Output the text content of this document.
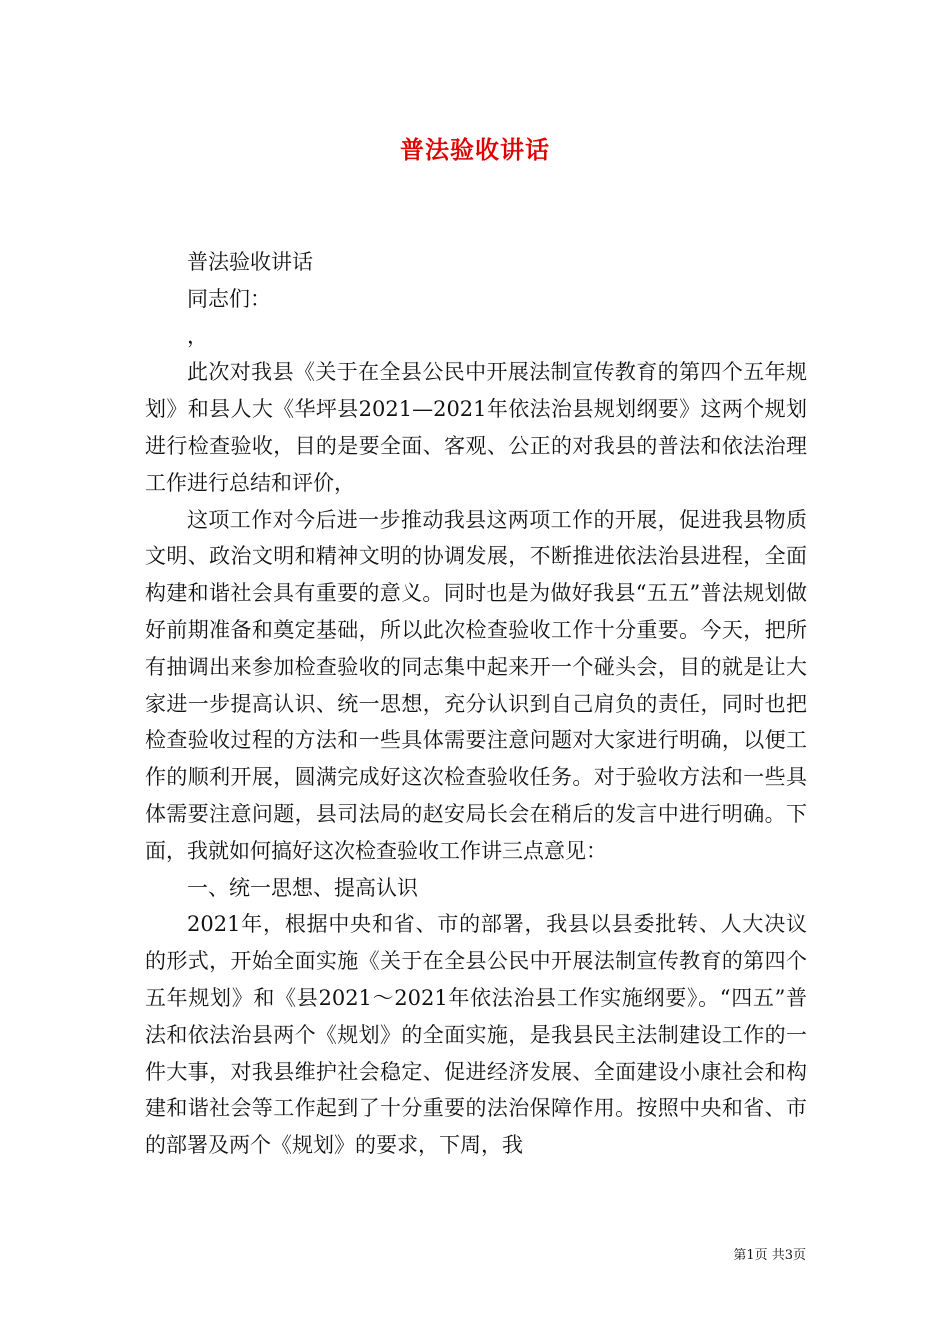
普法验收讲话

普法验收讲话

同志们：

，

此次对我县《关于在全县公民中开展法制宣传教育的第四个五年规划》和县人大《华坪县2021—2021年依法治县规划纲要》这两个规划进行检查验收，目的是要全面、客观、公正的对我县的普法和依法治理工作进行总结和评价，

这项工作对今后进一步推动我县这两项工作的开展，促进我县物质文明、政治文明和精神文明的协调发展，不断推进依法治县进程，全面构建和谐社会具有重要的意义。同时也是为做好我县“五五”普法规划做好前期准备和奠定基础，所以此次检查验收工作十分重要。今天，把所有抽调出来参加检查验收的同志集中起来开一个碰头会，目的就是让大家进一步提高认识、统一思想，充分认识到自己肩负的责任，同时也把检查验收过程的方法和一些具体需要注意问题对大家进行明确，以便工作的顺利开展，圆满完成好这次检查验收任务。对于验收方法和一些具体需要注意问题，县司法局的赵安局长会在稍后的发言中进行明确。下面，我就如何搞好这次检查验收工作讲三点意见：

一、统一思想、提高认识

2021年，根据中央和省、市的部署，我县以县委批转、人大决议的形式，开始全面实施《关于在全县公民中开展法制宣传教育的第四个五年规划》和《县2021～2021年依法治县工作实施纲要》。“四五”普法和依法治县两个《规划》的全面实施，是我县民主法制建设工作的一件大事，对我县维护社会稳定、促进经济发展、全面建设小康社会和构建和谐社会等工作起到了十分重要的法治保障作用。按照中央和省、市的部署及两个《规划》的要求，下周，我

第1页 共3页
